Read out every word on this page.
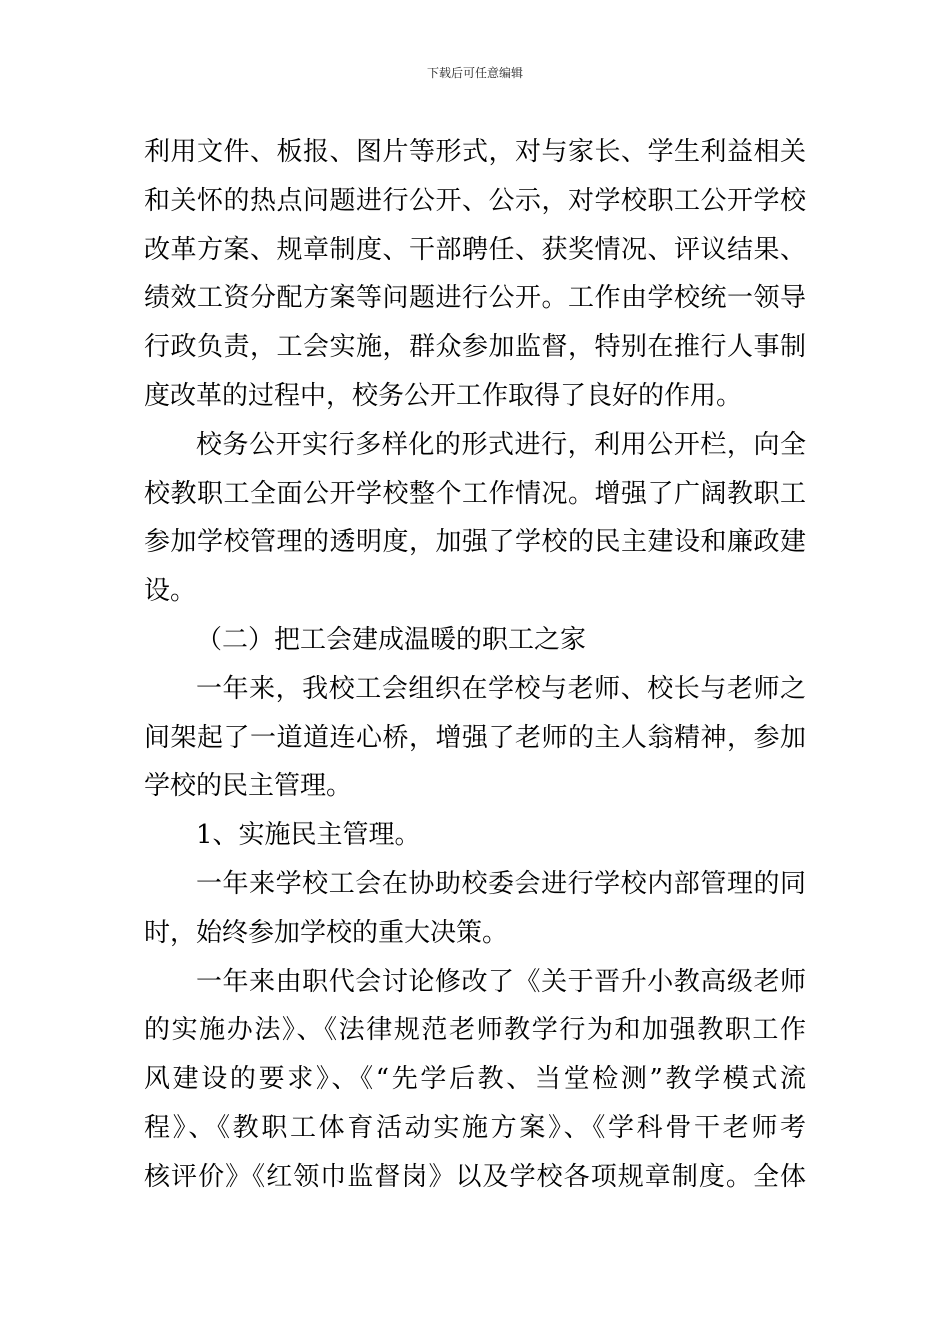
下载后可任意编辑
利用文件、板报、图片等形式，对与家长、学生利益相关
和关怀的热点问题进行公开、公示，对学校职工公开学校
改革方案、规章制度、干部聘任、获奖情况、评议结果、
绩效工资分配方案等问题进行公开。工作由学校统一领导
行政负责，工会实施，群众参加监督，特别在推行人事制
度改革的过程中，校务公开工作取得了良好的作用。
校务公开实行多样化的形式进行，利用公开栏，向全
校教职工全面公开学校整个工作情况。增强了广阔教职工
参加学校管理的透明度，加强了学校的民主建设和廉政建
设。
（二）把工会建成温暖的职工之家
一年来，我校工会组织在学校与老师、校长与老师之
间架起了一道道连心桥，增强了老师的主人翁精神，参加
学校的民主管理。
1、实施民主管理。
一年来学校工会在协助校委会进行学校内部管理的同
时，始终参加学校的重大决策。
一年来由职代会讨论修改了《关于晋升小教高级老师
的实施办法》、《法律规范老师教学行为和加强教职工作
风建设的要求》、《“先学后教、当堂检测”教学模式流
程》、《教职工体育活动实施方案》、《学科骨干老师考
核评价》《红领巾监督岗》以及学校各项规章制度。全体
